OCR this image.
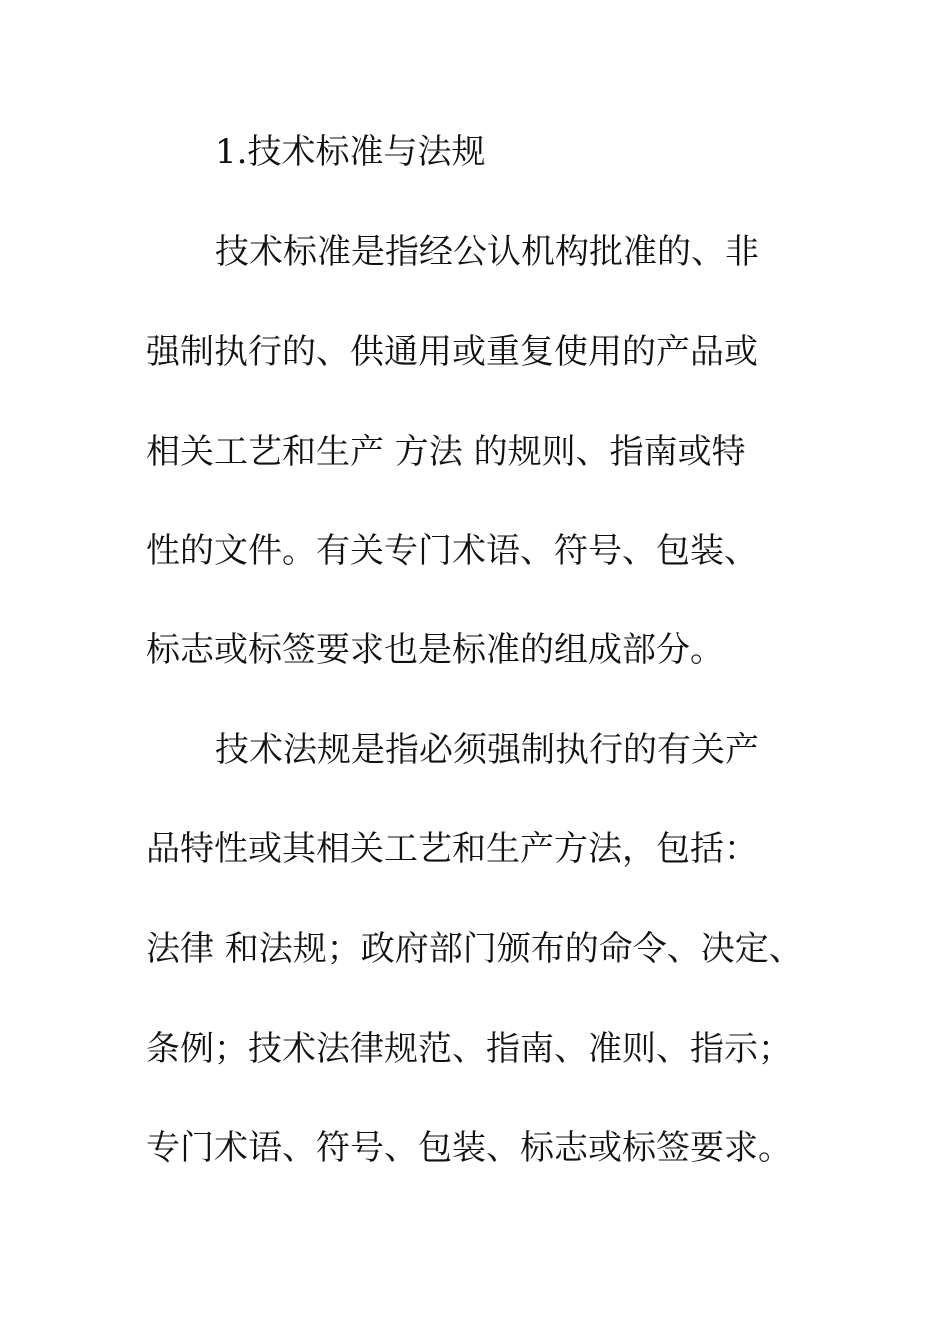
1.技术标准与法规
技术标准是指经公认机构批准的、非
强制执行的、供通用或重复使用的产品或
相关工艺和生产 方法 的规则、指南或特
性的文件。有关专门术语、符号、包装、
标志或标签要求也是标准的组成部分。
技术法规是指必须强制执行的有关产
品特性或其相关工艺和生产方法，包括：
法律 和法规；政府部门颁布的命令、决定、
条例；技术法律规范、指南、准则、指示；
专门术语、符号、包装、标志或标签要求。
